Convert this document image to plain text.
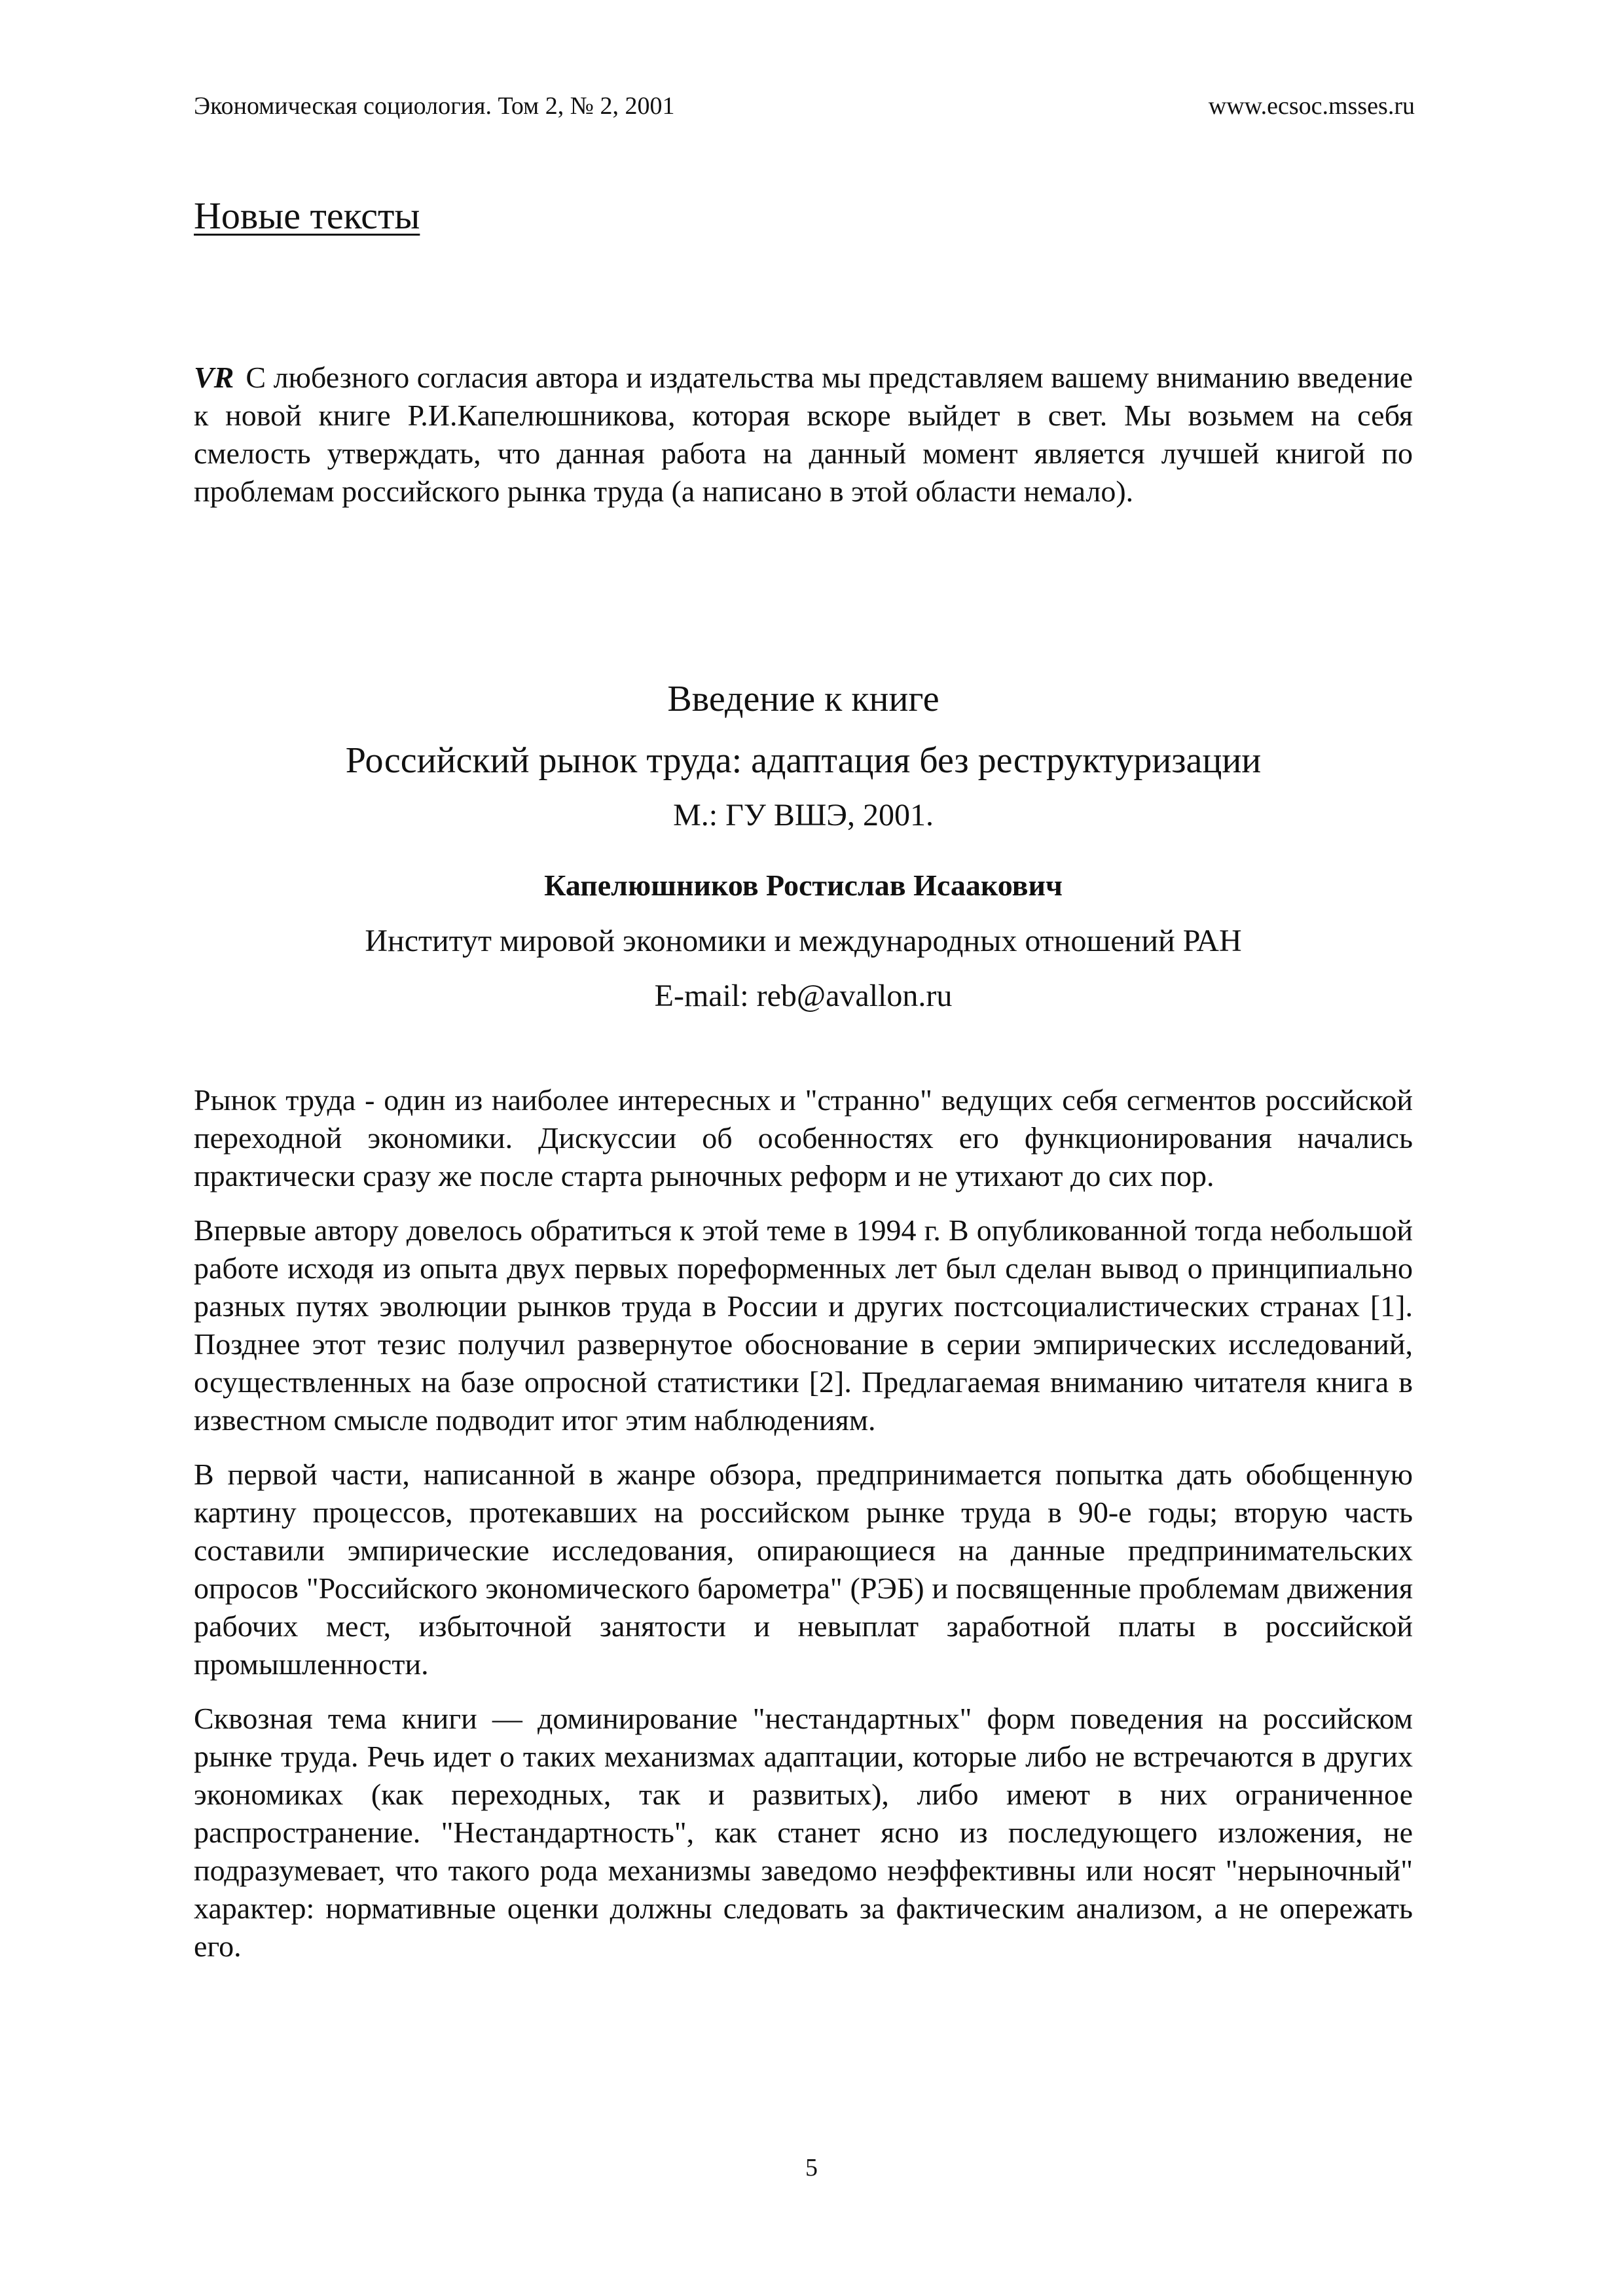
Экономическая социология. Том 2, № 2, 2001	www.ecsoc.msses.ru
Новые тексты
VR С любезного согласия автора и издательства мы представляем вашему вниманию введение к новой книге Р.И.Капелюшникова, которая вскоре выйдет в свет. Мы возьмем на себя смелость утверждать, что данная работа на данный момент является лучшей книгой по проблемам российского рынка труда (а написано в этой области немало).
Введение к книге
Российский рынок труда: адаптация без реструктуризации
М.: ГУ ВШЭ, 2001.
Капелюшников Ростислав Исаакович
Институт мировой экономики и международных отношений РАН
E-mail: reb@avallon.ru

Рынок труда - один из наиболее интересных и "странно" ведущих себя сегментов российской переходной экономики. Дискуссии об особенностях его функционирования начались практически сразу же после старта рыночных реформ и не утихают до сих пор.

Впервые автору довелось обратиться к этой теме в 1994 г. В опубликованной тогда небольшой работе исходя из опыта двух первых пореформенных лет был сделан вывод о принципиально разных путях эволюции рынков труда в России и других постсоциалистических странах [1]. Позднее этот тезис получил развернутое обоснование в серии эмпирических исследований, осуществленных на базе опросной статистики [2]. Предлагаемая вниманию читателя книга в известном смысле подводит итог этим наблюдениям.

В первой части, написанной в жанре обзора, предпринимается попытка дать обобщенную картину процессов, протекавших на российском рынке труда в 90-е годы; вторую часть составили эмпирические исследования, опирающиеся на данные предпринимательских опросов "Российского экономического барометра" (РЭБ) и посвященные проблемам движения рабочих мест, избыточной занятости и невыплат заработной платы в российской промышленности.

Сквозная тема книги — доминирование "нестандартных" форм поведения на российском рынке труда. Речь идет о таких механизмах адаптации, которые либо не встречаются в других экономиках (как переходных, так и развитых), либо имеют в них ограниченное распространение. "Нестандартность", как станет ясно из последующего изложения, не подразумевает, что такого рода механизмы заведомо неэффективны или носят "нерыночный" характер: нормативные оценки должны следовать за фактическим анализом, а не опережать его.

5
